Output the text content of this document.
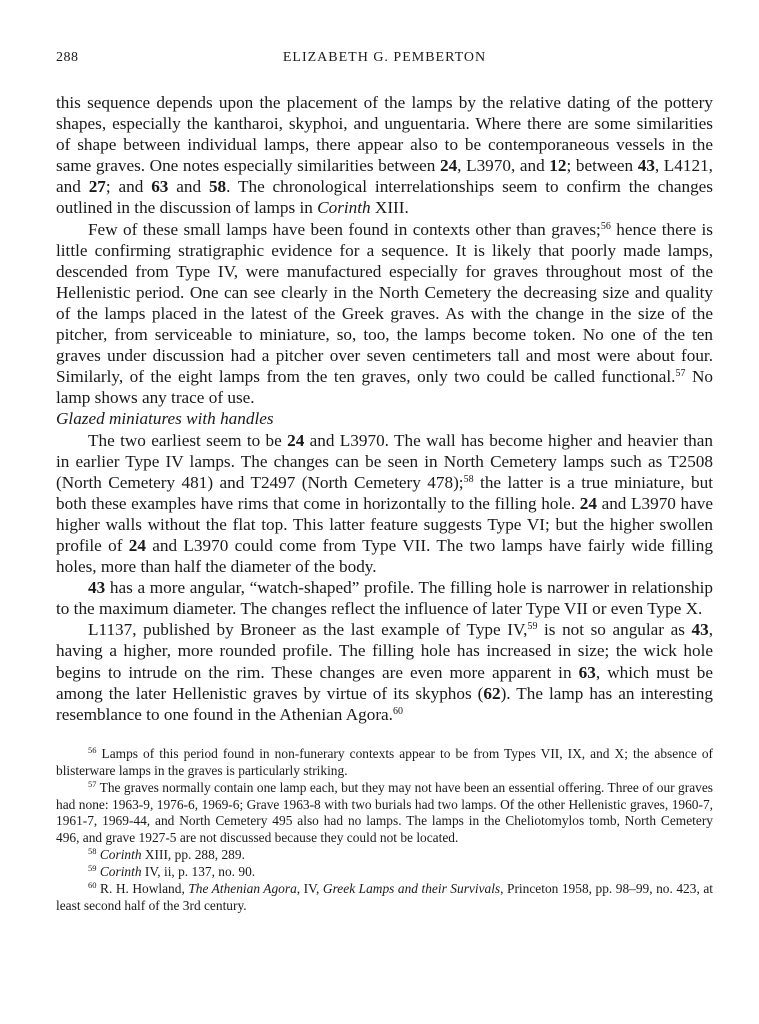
288	ELIZABETH G. PEMBERTON

this sequence depends upon the placement of the lamps by the relative dating of the pottery shapes, especially the kantharoi, skyphoi, and unguentaria. Where there are some similarities of shape between individual lamps, there appear also to be contemporaneous vessels in the same graves. One notes especially similarities between 24, L3970, and 12; between 43, L4121, and 27; and 63 and 58. The chronological interrelationships seem to confirm the changes outlined in the discussion of lamps in Corinth XIII.

Few of these small lamps have been found in contexts other than graves;$^{56}$ hence there is little confirming stratigraphic evidence for a sequence. It is likely that poorly made lamps, descended from Type IV, were manufactured especially for graves throughout most of the Hellenistic period. One can see clearly in the North Cemetery the decreasing size and quality of the lamps placed in the latest of the Greek graves. As with the change in the size of the pitcher, from serviceable to miniature, so, too, the lamps become token. No one of the ten graves under discussion had a pitcher over seven centimeters tall and most were about four. Similarly, of the eight lamps from the ten graves, only two could be called functional.$^{57}$ No lamp shows any trace of use.

Glazed miniatures with handles

The two earliest seem to be 24 and L3970. The wall has become higher and heavier than in earlier Type IV lamps. The changes can be seen in North Cemetery lamps such as T2508 (North Cemetery 481) and T2497 (North Cemetery 478);$^{58}$ the latter is a true miniature, but both these examples have rims that come in horizontally to the filling hole. 24 and L3970 have higher walls without the flat top. This latter feature suggests Type VI; but the higher swollen profile of 24 and L3970 could come from Type VII. The two lamps have fairly wide filling holes, more than half the diameter of the body.

43 has a more angular, “watch-shaped” profile. The filling hole is narrower in relationship to the maximum diameter. The changes reflect the influence of later Type VII or even Type X.

L1137, published by Broneer as the last example of Type IV,$^{59}$ is not so angular as 43, having a higher, more rounded profile. The filling hole has increased in size; the wick hole begins to intrude on the rim. These changes are even more apparent in 63, which must be among the later Hellenistic graves by virtue of its skyphos (62). The lamp has an interesting resemblance to one found in the Athenian Agora.$^{60}$

$^{56}$ Lamps of this period found in non-funerary contexts appear to be from Types VII, IX, and X; the absence of blisterware lamps in the graves is particularly striking.

$^{57}$ The graves normally contain one lamp each, but they may not have been an essential offering. Three of our graves had none: 1963-9, 1976-6, 1969-6; Grave 1963-8 with two burials had two lamps. Of the other Hellenistic graves, 1960-7, 1961-7, 1969-44, and North Cemetery 495 also had no lamps. The lamps in the Cheliotomylos tomb, North Cemetery 496, and grave 1927-5 are not discussed because they could not be located.

$^{58}$ Corinth XIII, pp. 288, 289.

$^{59}$ Corinth IV, ii, p. 137, no. 90.

$^{60}$ R. H. Howland, The Athenian Agora, IV, Greek Lamps and their Survivals, Princeton 1958, pp. 98–99, no. 423, at least second half of the 3rd century.
